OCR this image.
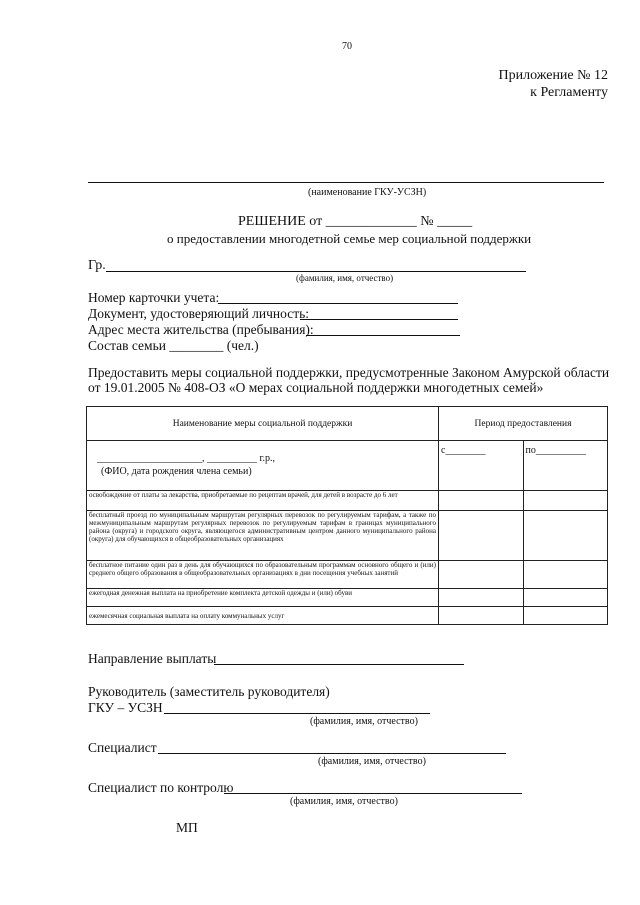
70
Приложение № 12
к Регламенту
(наименование ГКУ-УСЗН)
РЕШЕНИЕ от _____________ № _____
о предоставлении многодетной семье мер социальной поддержки
Гр.
(фамилия, имя, отчество)
Номер карточки учета:
Документ, удостоверяющий личность:
Адрес места жительства (пребывания):
Состав семьи ________ (чел.)
Предоставить меры социальной поддержки, предусмотренные Законом Амурской области
от 19.01.2005 № 408-ОЗ «О мерах социальной поддержки многодетных семей»
Наименование меры социальной поддержки	Период предоставления	

_____________________, __________ г.р.,
(ФИО, дата рождения члена семьи)	с________	по__________
освобождение от платы за лекарства, приобретаемые по рецептам врачей, для детей в возрасте до 6 лет		
бесплатный проезд по муниципальным маршрутам регулярных перевозок по регулируемым тарифам, а также по межмуниципальным маршрутам регулярных перевозок по регулируемым тарифам в границах муниципального района (округа) и городского округа, являющегося административным центром данного муниципального района (округа) для обучающихся в общеобразовательных организациях		
бесплатное питание один раз в день для обучающихся по образовательным программам основного общего и (или) среднего общего образования в общеобразовательных организациях в дни посещения учебных занятий		
ежегодная денежная выплата на приобретение комплекта детской одежды и (или) обуви		
ежемесячная социальная выплата на оплату коммунальных услуг		
Направление выплаты
Руководитель (заместитель руководителя)
ГКУ – УСЗН
(фамилия, имя, отчество)
Специалист
(фамилия, имя, отчество)
Специалист по контролю
(фамилия, имя, отчество)
МП
